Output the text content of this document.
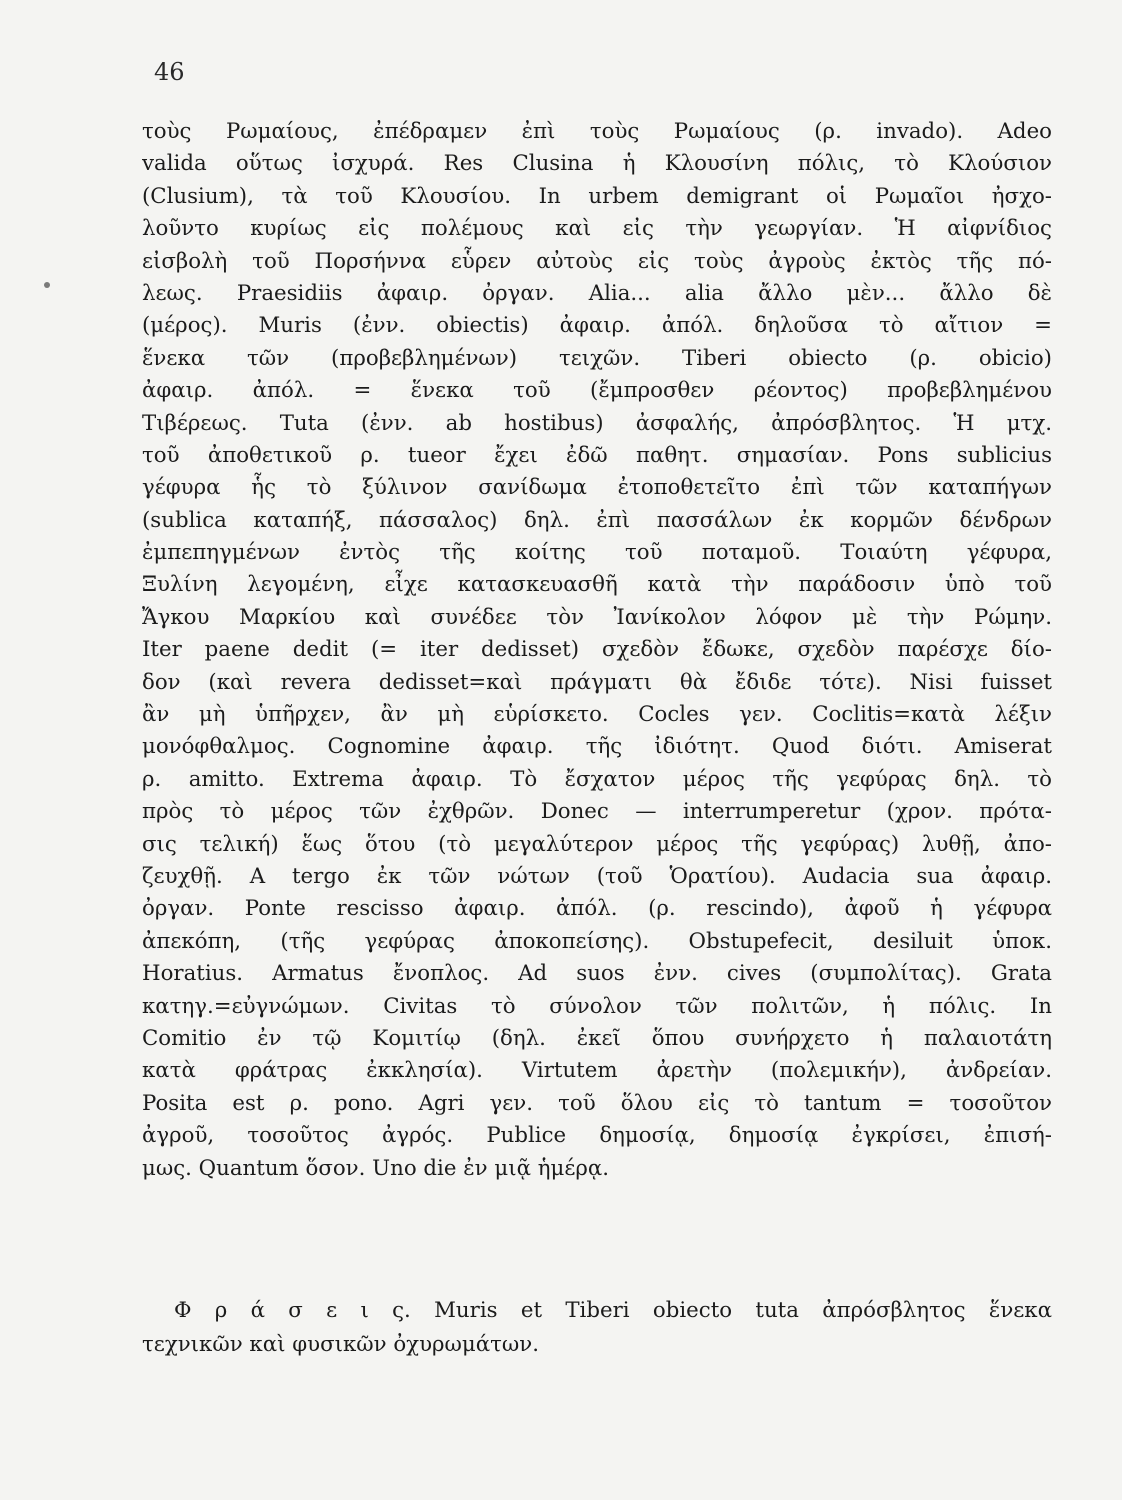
46
τοὺς Ρωμαίους, ἐπέδραμεν ἐπὶ τοὺς Ρωμαίους (ρ. invado). Adeo
valida οὕτως ἰσχυρά. Res Clusina ἡ Κλουσίνη πόλις, τὸ Κλούσιον
(Clusium), τὰ τοῦ Κλουσίου. In urbem demigrant οἱ Ρωμαῖοι ἠσχο-
λοῦντο κυρίως εἰς πολέμους καὶ εἰς τὴν γεωργίαν. Ἡ αἰφνίδιος
εἰσβολὴ τοῦ Πορσήννα εὗρεν αὐτοὺς εἰς τοὺς ἀγροὺς ἐκτὸς τῆς πό-
λεως. Praesidiis ἀφαιρ. ὀργαν. Alia... alia ἄλλο μὲν... ἄλλο δὲ
(μέρος). Muris (ἐνν. obiectis) ἀφαιρ. ἀπόλ. δηλοῦσα τὸ αἴτιον =
ἕνεκα τῶν (προβεβλημένων) τειχῶν. Tiberi obiecto (ρ. obicio)
ἀφαιρ. ἀπόλ. = ἕνεκα τοῦ (ἔμπροσθεν ρέοντος) προβεβλημένου
Τιβέρεως. Tuta (ἐνν. ab hostibus) ἀσφαλής, ἀπρόσβλητος. Ἡ μτχ.
τοῦ ἀποθετικοῦ ρ. tueor ἔχει ἐδῶ παθητ. σημασίαν. Pons sublicius
γέφυρα ἧς τὸ ξύλινον σανίδωμα ἐτοποθετεῖτο ἐπὶ τῶν καταπήγων
(sublica καταπήξ, πάσσαλος) δηλ. ἐπὶ πασσάλων ἐκ κορμῶν δένδρων
ἐμπεπηγμένων ἐντὸς τῆς κοίτης τοῦ ποταμοῦ. Τοιαύτη γέφυρα,
Ξυλίνη λεγομένη, εἶχε κατασκευασθῆ κατὰ τὴν παράδοσιν ὑπὸ τοῦ
Ἄγκου Μαρκίου καὶ συνέδεε τὸν Ἰανίκολον λόφον μὲ τὴν Ρώμην.
Iter paene dedit (= iter dedisset) σχεδὸν ἔδωκε, σχεδὸν παρέσχε δίο-
δον (καὶ revera dedisset=καὶ πράγματι θὰ ἔδιδε τότε). Nisi fuisset
ἂν μὴ ὑπῆρχεν, ἂν μὴ εὑρίσκετο. Cocles γεν. Coclitis=κατὰ λέξιν
μονόφθαλμος. Cognomine ἀφαιρ. τῆς ἰδιότητ. Quod διότι. Amiserat
ρ. amitto. Extrema ἀφαιρ. Τὸ ἔσχατον μέρος τῆς γεφύρας δηλ. τὸ
πρὸς τὸ μέρος τῶν ἐχθρῶν. Donec — interrumperetur (χρον. πρότα-
σις τελική) ἕως ὅτου (τὸ μεγαλύτερον μέρος τῆς γεφύρας) λυθῇ, ἀπο-
ζευχθῇ. A tergo ἐκ τῶν νώτων (τοῦ Ὁρατίου). Audacia sua ἀφαιρ.
ὀργαν. Ponte rescisso ἀφαιρ. ἀπόλ. (ρ. rescindo), ἀφοῦ ἡ γέφυρα
ἀπεκόπη, (τῆς γεφύρας ἀποκοπείσης). Obstupefecit, desiluit ὑποκ.
Horatius. Armatus ἔνοπλος. Ad suos ἐνν. cives (συμπολίτας). Grata
κατηγ.=εὐγνώμων. Civitas τὸ σύνολον τῶν πολιτῶν, ἡ πόλις. In
Comitio ἐν τῷ Κομιτίῳ (δηλ. ἐκεῖ ὅπου συνήρχετο ἡ παλαιοτάτη
κατὰ φράτρας ἐκκλησία). Virtutem ἀρετὴν (πολεμικήν), ἀνδρείαν.
Posita est ρ. pono. Agri γεν. τοῦ ὅλου εἰς τὸ tantum = τοσοῦτον
ἀγροῦ, τοσοῦτος ἀγρός. Publice δημοσίᾳ, δημοσίᾳ ἐγκρίσει, ἐπισή-
μως. Quantum ὅσον. Uno die ἐν μιᾷ ἡμέρᾳ.
Φ ρ ά σ ε ι ς. Muris et Tiberi obiecto tuta ἀπρόσβλητος ἕνεκα
τεχνικῶν καὶ φυσικῶν ὀχυρωμάτων.
